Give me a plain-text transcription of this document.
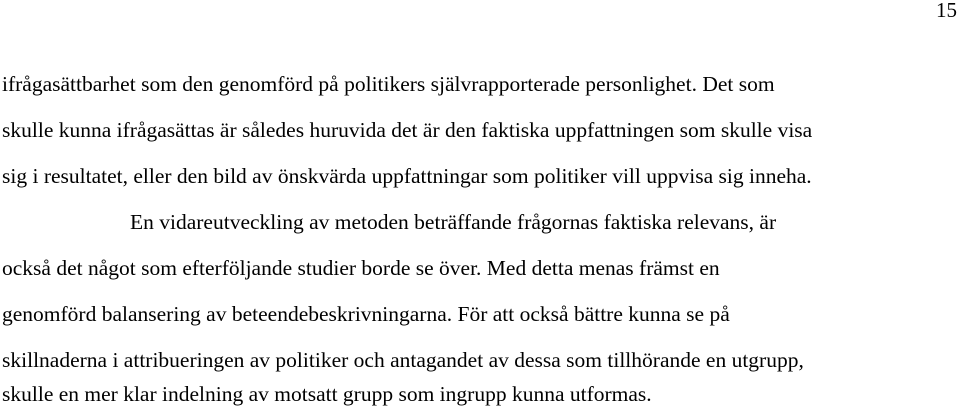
15
ifrågasättbarhet som den genomförd på politikers självrapporterade personlighet. Det som
skulle kunna ifrågasättas är således huruvida det är den faktiska uppfattningen som skulle visa
sig i resultatet, eller den bild av önskvärda uppfattningar som politiker vill uppvisa sig inneha.
En vidareutveckling av metoden beträffande frågornas faktiska relevans, är
också det något som efterföljande studier borde se över. Med detta menas främst en
genomförd balansering av beteendebeskrivningarna. För att också bättre kunna se på
skillnaderna i attribueringen av politiker och antagandet av dessa som tillhörande en utgrupp,
skulle en mer klar indelning av motsatt grupp som ingrupp kunna utformas.
